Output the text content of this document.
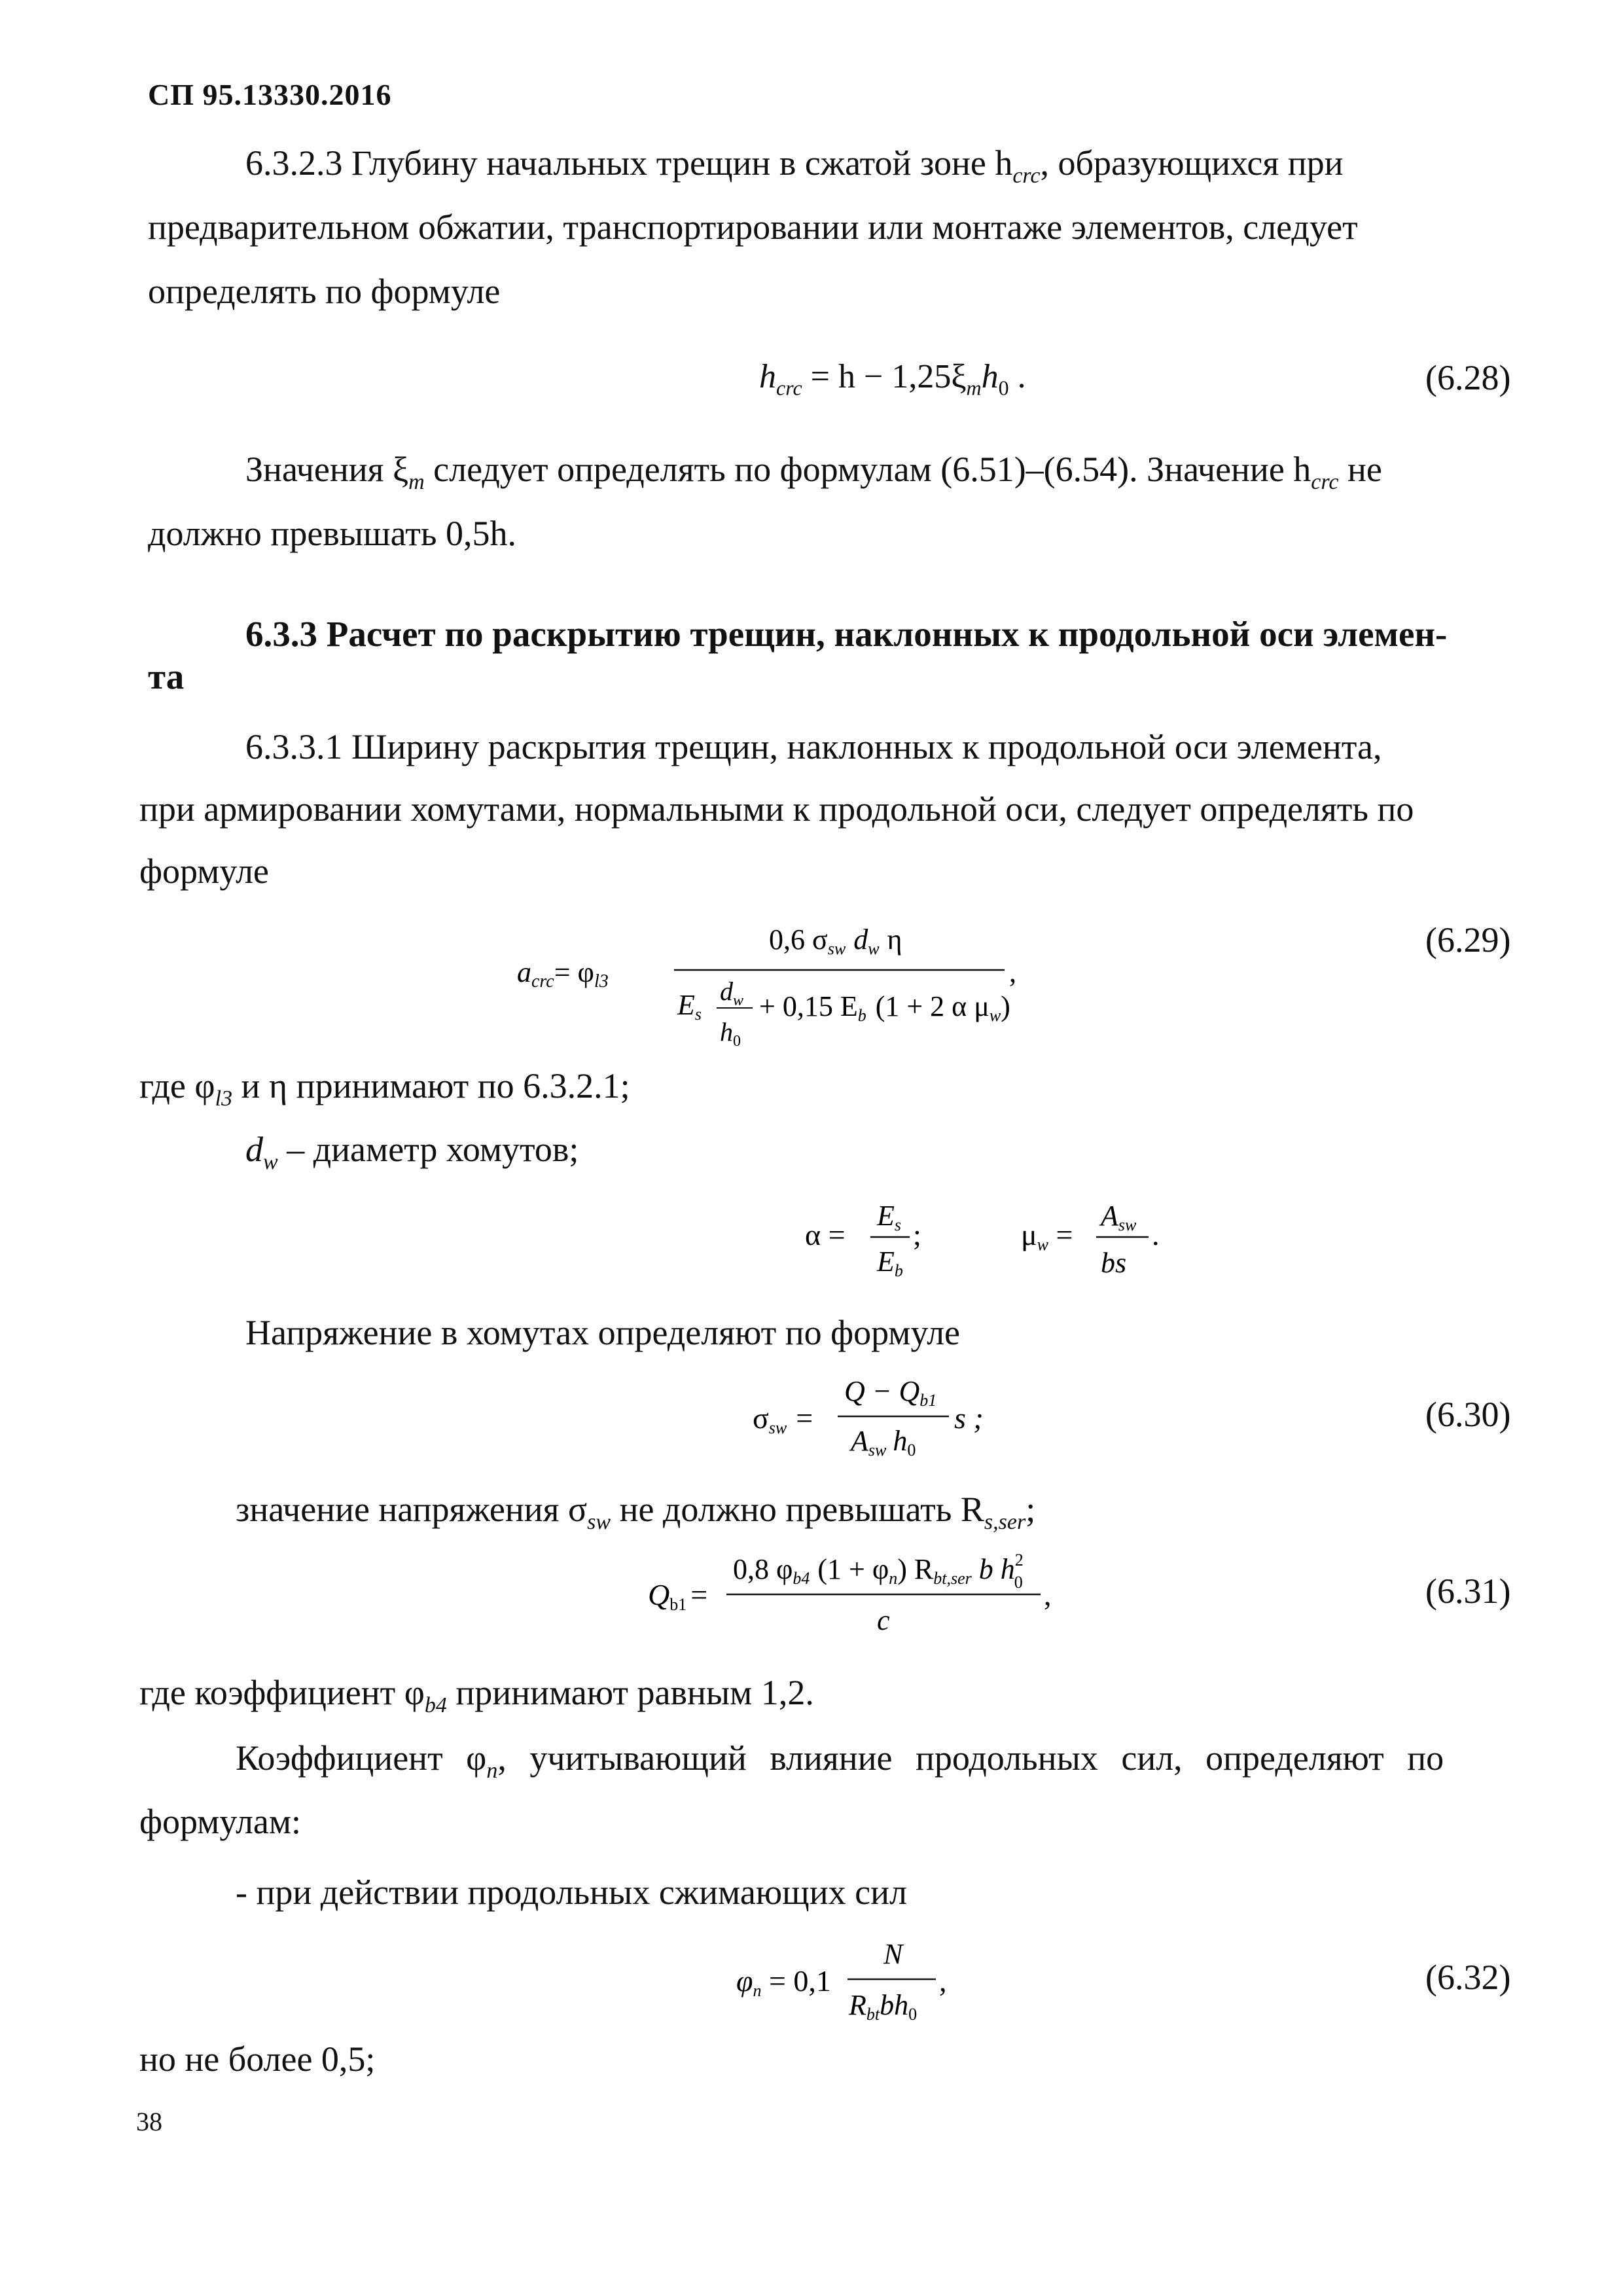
СП 95.13330.2016
6.3.2.3 Глубину начальных трещин в сжатой зоне $h_{crc}$, образующихся при
предварительном обжатии, транспортировании или монтаже элементов, следует
определять по формуле
$h_{crc} = h - 1,25\xi_mh_0$ .	(6.28)
Значения $\xi_m$ следует определять по формулам (6.51)–(6.54). Значение $h_{crc}$ не
должно превышать 0,5h.
6.3.3 Расчет по раскрытию трещин, наклонных к продольной оси элемен-
та
6.3.3.1 Ширину раскрытия трещин, наклонных к продольной оси элемента,
при армировании хомутами, нормальными к продольной оси, следует определять по
формуле
acrc= φl3
0,6 σsw dw η
Es
$d_w$
$h_0$
+ 0,15 Eb (1 + 2 α μw)
,
(6.29)
где $\varphi_{l3}$ и η принимают по 6.3.2.1;
$d_w$ – диаметр хомутов;
α =
Es
Eb
;	μw =
Asw
bs
.
Напряжение в хомутах определяют по формуле
σsw =
Q − Qb1
Asw h0
s ;	(6.30)
значение напряжения $\sigma_{sw}$ не должно превышать $R_{s,ser}$;
Qb1 =
0,8 φb4 (1 + φn) Rbt,ser b $h^2$ 0
c
,	(6.31)
где коэффициент $\varphi_{b4}$ принимают равным 1,2.
Коэффициент $\varphi_n$, учитывающий влияние продольных сил, определяют по
формулам:
- при действии продольных сжимающих сил
φn = 0,1
N
Rbtbh0
,	(6.32)
но не более 0,5;
38
